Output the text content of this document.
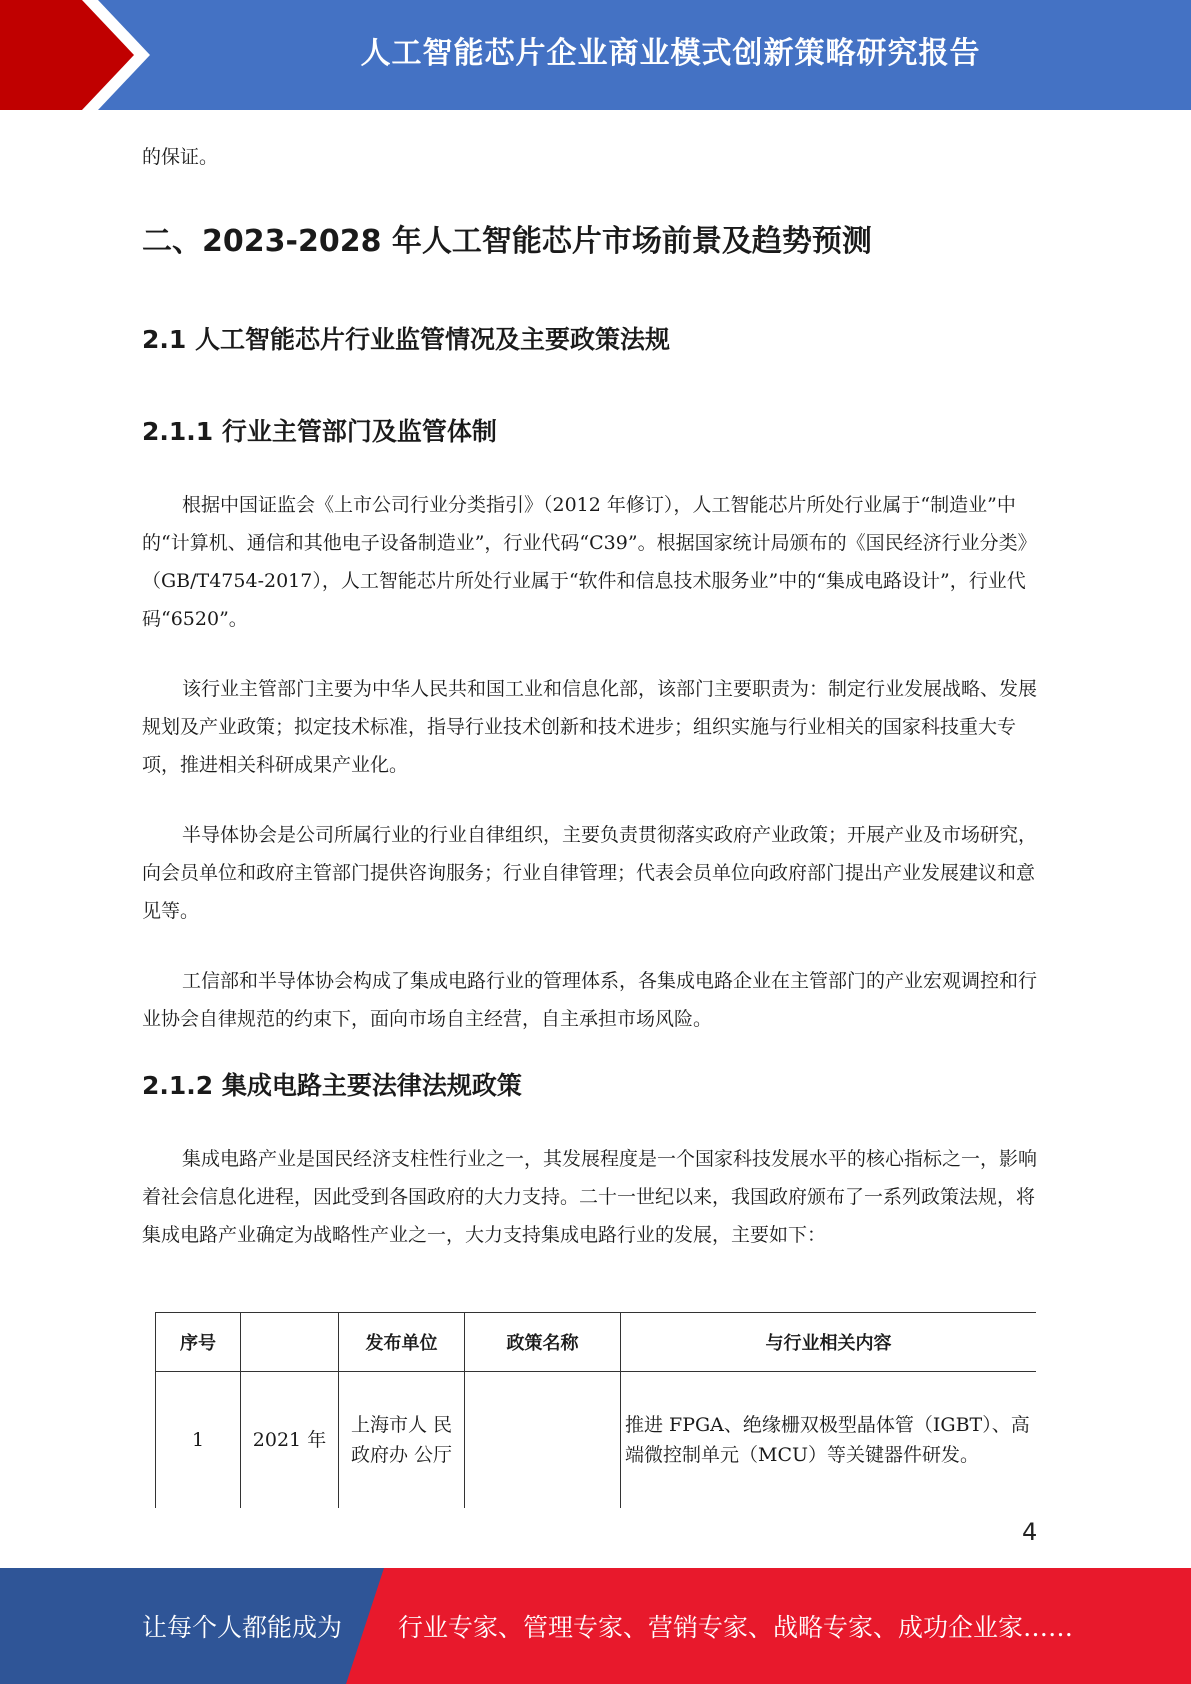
人工智能芯片企业商业模式创新策略研究报告

的保证。

二、2023-2028 年人工智能芯片市场前景及趋势预测
2.1 人工智能芯片行业监管情况及主要政策法规
2.1.1 行业主管部门及监管体制

根据中国证监会《上市公司行业分类指引》（2012 年修订），人工智能芯片所处行业属于“制造业”中的“计算机、通信和其他电子设备制造业”，行业代码“C39”。根据国家统计局颁布的《国民经济行业分类》（GB/T4754-2017），人工智能芯片所处行业属于“软件和信息技术服务业”中的“集成电路设计”，行业代码“6520”。

该行业主管部门主要为中华人民共和国工业和信息化部，该部门主要职责为：制定行业发展战略、发展规划及产业政策；拟定技术标准，指导行业技术创新和技术进步；组织实施与行业相关的国家科技重大专项，推进相关科研成果产业化。

半导体协会是公司所属行业的行业自律组织，主要负责贯彻落实政府产业政策；开展产业及市场研究，向会员单位和政府主管部门提供咨询服务；行业自律管理；代表会员单位向政府部门提出产业发展建议和意见等。

工信部和半导体协会构成了集成电路行业的管理体系，各集成电路企业在主管部门的产业宏观调控和行业协会自律规范的约束下，面向市场自主经营，自主承担市场风险。

2.1.2 集成电路主要法律法规政策

集成电路产业是国民经济支柱性行业之一，其发展程度是一个国家科技发展水平的核心指标之一，影响着社会信息化进程，因此受到各国政府的大力支持。二十一世纪以来，我国政府颁布了一系列政策法规，将集成电路产业确定为战略性产业之一，大力支持集成电路行业的发展，主要如下：

序号		发布单位	政策名称	与行业相关内容
1	2021 年	上海市人 民政府办 公厅		推进 FPGA、绝缘栅双极型晶体管（IGBT）、高端微控制单元（MCU）等关键器件研发。
4
让每个人都能成为 行业专家、管理专家、营销专家、战略专家、成功企业家……
